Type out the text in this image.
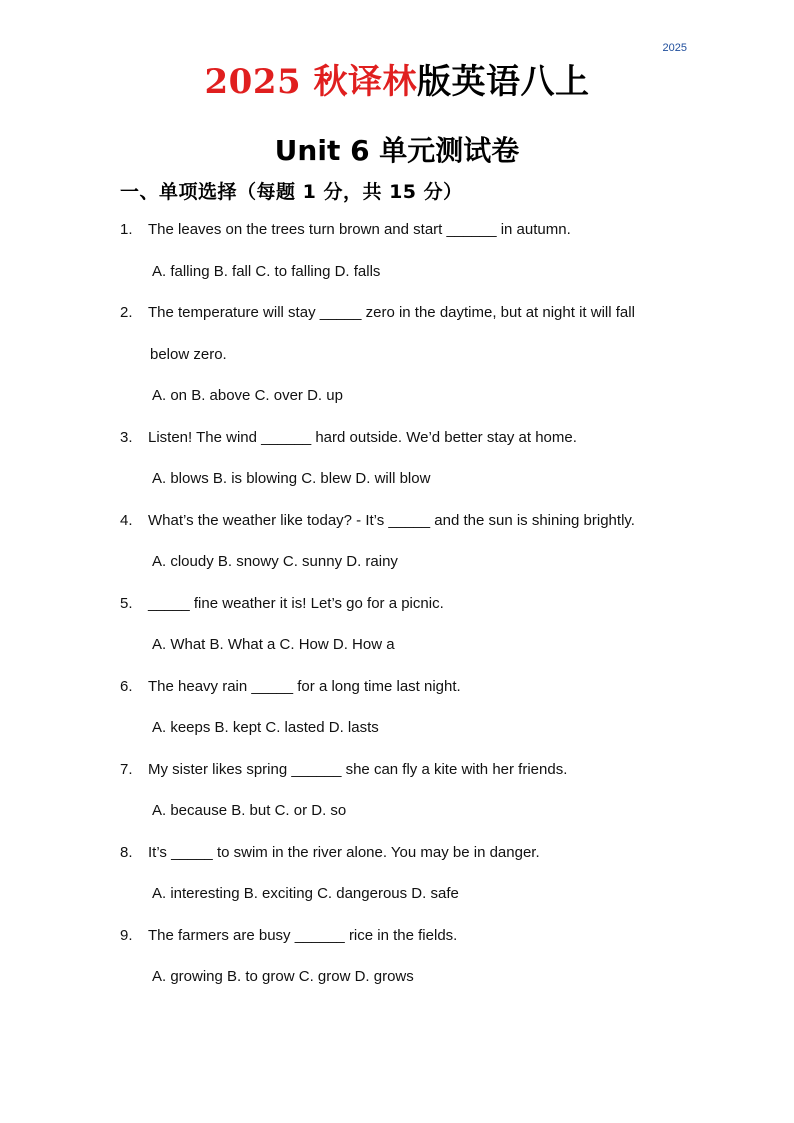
2025
2025 秋译林版英语八上
Unit 6 单元测试卷
一、单项选择（每题 1 分，共 15 分）
1.	The leaves on the trees turn brown and start ______ in autumn.
A. falling B. fall C. to falling D. falls
2.	The temperature will stay _____ zero in the daytime, but at night it will fall
below zero.
A. on B. above C. over D. up
3.	Listen! The wind ______ hard outside. We’d better stay at home.
A. blows B. is blowing C. blew D. will blow
4.	What’s the weather like today? - It’s _____ and the sun is shining brightly.
A. cloudy B. snowy C. sunny D. rainy
5.	_____ fine weather it is! Let’s go for a picnic.
A. What B. What a C. How D. How a
6.	The heavy rain _____ for a long time last night.
A. keeps B. kept C. lasted D. lasts
7.	My sister likes spring ______ she can fly a kite with her friends.
A. because B. but C. or D. so
8.	It’s _____ to swim in the river alone. You may be in danger.
A. interesting B. exciting C. dangerous D. safe
9.	The farmers are busy ______ rice in the fields.
A. growing B. to grow C. grow D. grows
